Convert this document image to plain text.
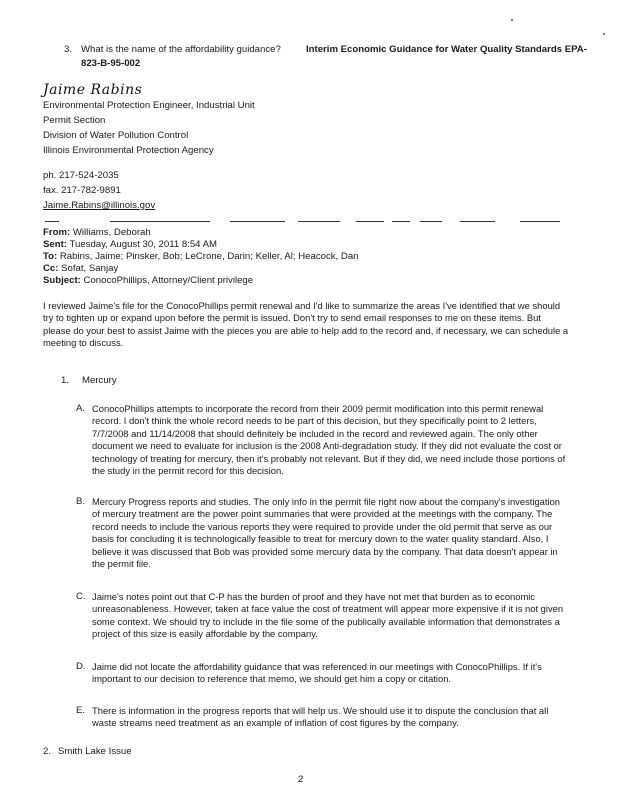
3. What is the name of the affordability guidance?	Interim Economic Guidance for Water Quality Standards EPA-
823-B-95-002
Jaime Rabins
Environmental Protection Engineer, Industrial Unit
Permit Section
Division of Water Pollution Control
Illinois Environmental Protection Agency
ph. 217-524-2035
fax. 217-782-9891
Jaime.Rabins@illinois.gov
From: Williams, Deborah
Sent: Tuesday, August 30, 2011 8:54 AM
To: Rabins, Jaime; Pinsker, Bob; LeCrone, Darin; Keller, Al; Heacock, Dan
Cc: Sofat, Sanjay
Subject: ConocoPhillips, Attorney/Client privilege
I reviewed Jaime's file for the ConocoPhillips permit renewal and I'd like to summarize the areas I've identified that we should try to tighten up or expand upon before the permit is issued. Don't try to send email responses to me on these items. But please do your best to assist Jaime with the pieces you are able to help add to the record and, if necessary, we can schedule a meeting to discuss.
1. Mercury
A. ConocoPhillips attempts to incorporate the record from their 2009 permit modification into this permit renewal record. I don't think the whole record needs to be part of this decision, but they specifically point to 2 letters, 7/7/2008 and 11/14/2008 that should definitely be included in the record and reviewed again. The only other document we need to evaluate for inclusion is the 2008 Anti-degradation study. If they did not evaluate the cost or technology of treating for mercury, then it's probably not relevant. But if they did, we need include those portions of the study in the permit record for this decision.
B. Mercury Progress reports and studies. The only info in the permit file right now about the company's investigation of mercury treatment are the power point summaries that were provided at the meetings with the company. The record needs to include the various reports they were required to provide under the old permit that serve as our basis for concluding it is technologically feasible to treat for mercury down to the water quality standard. Also, I believe it was discussed that Bob was provided some mercury data by the company. That data doesn't appear in the permit file.
C. Jaime's notes point out that C-P has the burden of proof and they have not met that burden as to economic unreasonableness. However, taken at face value the cost of treatment will appear more expensive if it is not given some context. We should try to include in the file some of the publically available information that demonstrates a project of this size is easily affordable by the company.
D. Jaime did not locate the affordability guidance that was referenced in our meetings with ConocoPhillips. If it's important to our decision to reference that memo, we should get him a copy or citation.
E. There is information in the progress reports that will help us. We should use it to dispute the conclusion that all waste streams need treatment as an example of inflation of cost figures by the company.
2. Smith Lake Issue
2
